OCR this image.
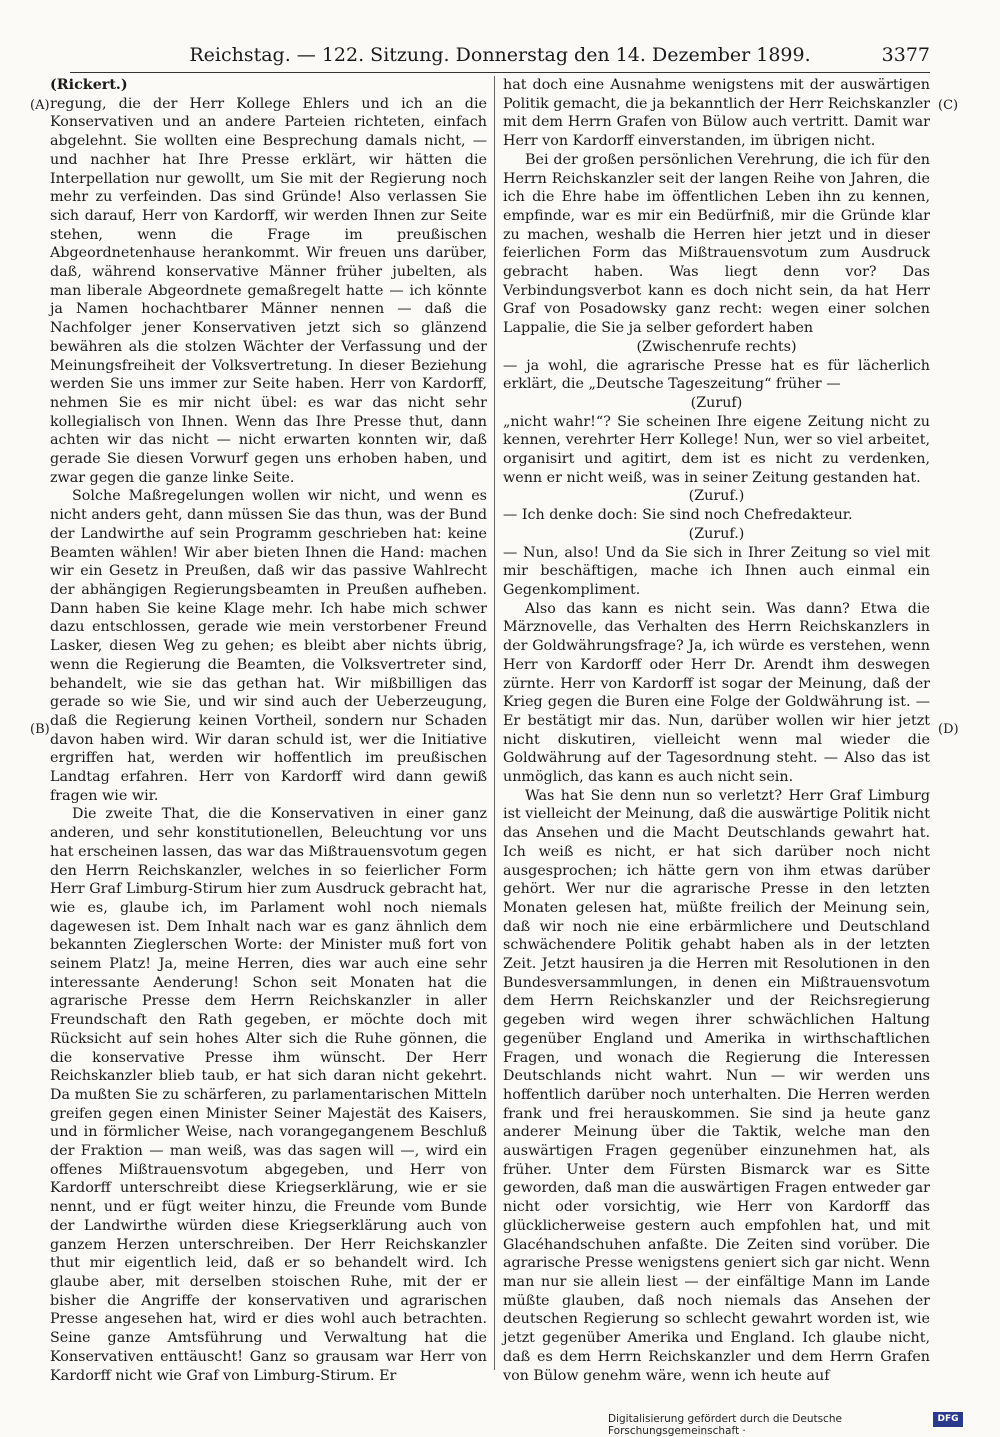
Reichstag. — 122. Sitzung. Donnerstag den 14. Dezember 1899.	3377
(A)
(B)
(C)
(D)

(Rickert.)

regung, die der Herr Kollege Ehlers und ich an die Konservativen und an andere Parteien richteten, einfach abgelehnt. Sie wollten eine Besprechung damals nicht, — und nachher hat Ihre Presse erklärt, wir hätten die Interpellation nur gewollt, um Sie mit der Regierung noch mehr zu verfeinden. Das sind Gründe! Also verlassen Sie sich darauf, Herr von Kardorff, wir werden Ihnen zur Seite stehen, wenn die Frage im preußischen Abgeordnetenhause herankommt. Wir freuen uns darüber, daß, während konservative Männer früher jubelten, als man liberale Abgeordnete gemaßregelt hatte — ich könnte ja Namen hochachtbarer Männer nennen — daß die Nachfolger jener Konservativen jetzt sich so glänzend bewähren als die stolzen Wächter der Verfassung und der Meinungsfreiheit der Volksvertretung. In dieser Beziehung werden Sie uns immer zur Seite haben. Herr von Kardorff, nehmen Sie es mir nicht übel: es war das nicht sehr kollegialisch von Ihnen. Wenn das Ihre Presse thut, dann achten wir das nicht — nicht erwarten konnten wir, daß gerade Sie diesen Vorwurf gegen uns erhoben haben, und zwar gegen die ganze linke Seite.

Solche Maßregelungen wollen wir nicht, und wenn es nicht anders geht, dann müssen Sie das thun, was der Bund der Landwirthe auf sein Programm geschrieben hat: keine Beamten wählen! Wir aber bieten Ihnen die Hand: machen wir ein Gesetz in Preußen, daß wir das passive Wahlrecht der abhängigen Regierungsbeamten in Preußen aufheben. Dann haben Sie keine Klage mehr. Ich habe mich schwer dazu entschlossen, gerade wie mein verstorbener Freund Lasker, diesen Weg zu gehen; es bleibt aber nichts übrig, wenn die Regierung die Beamten, die Volksvertreter sind, behandelt, wie sie das gethan hat. Wir mißbilligen das gerade so wie Sie, und wir sind auch der Ueberzeugung, daß die Regierung keinen Vortheil, sondern nur Schaden davon haben wird. Wir daran schuld ist, wer die Initiative ergriffen hat, werden wir hoffentlich im preußischen Landtag erfahren. Herr von Kardorff wird dann gewiß fragen wie wir.

Die zweite That, die die Konservativen in einer ganz anderen, und sehr konstitutionellen, Beleuchtung vor uns hat erscheinen lassen, das war das Mißtrauensvotum gegen den Herrn Reichskanzler, welches in so feierlicher Form Herr Graf Limburg-Stirum hier zum Ausdruck gebracht hat, wie es, glaube ich, im Parlament wohl noch niemals dagewesen ist. Dem Inhalt nach war es ganz ähnlich dem bekannten Zieglerschen Worte: der Minister muß fort von seinem Platz! Ja, meine Herren, dies war auch eine sehr interessante Aenderung! Schon seit Monaten hat die agrarische Presse dem Herrn Reichskanzler in aller Freundschaft den Rath gegeben, er möchte doch mit Rücksicht auf sein hohes Alter sich die Ruhe gönnen, die die konservative Presse ihm wünscht. Der Herr Reichskanzler blieb taub, er hat sich daran nicht gekehrt. Da mußten Sie zu schärferen, zu parlamentarischen Mitteln greifen gegen einen Minister Seiner Majestät des Kaisers, und in förmlicher Weise, nach vorangegangenem Beschluß der Fraktion — man weiß, was das sagen will —, wird ein offenes Mißtrauensvotum abgegeben, und Herr von Kardorff unterschreibt diese Kriegserklärung, wie er sie nennt, und er fügt weiter hinzu, die Freunde vom Bunde der Landwirthe würden diese Kriegserklärung auch von ganzem Herzen unterschreiben. Der Herr Reichskanzler thut mir eigentlich leid, daß er so behandelt wird. Ich glaube aber, mit derselben stoischen Ruhe, mit der er bisher die Angriffe der konservativen und agrarischen Presse angesehen hat, wird er dies wohl auch betrachten. Seine ganze Amtsführung und Verwaltung hat die Konservativen enttäuscht! Ganz so grausam war Herr von Kardorff nicht wie Graf von Limburg-Stirum. Er

hat doch eine Ausnahme wenigstens mit der auswärtigen Politik gemacht, die ja bekanntlich der Herr Reichskanzler mit dem Herrn Grafen von Bülow auch vertritt. Damit war Herr von Kardorff einverstanden, im übrigen nicht.

Bei der großen persönlichen Verehrung, die ich für den Herrn Reichskanzler seit der langen Reihe von Jahren, die ich die Ehre habe im öffentlichen Leben ihn zu kennen, empfinde, war es mir ein Bedürfniß, mir die Gründe klar zu machen, weshalb die Herren hier jetzt und in dieser feierlichen Form das Mißtrauensvotum zum Ausdruck gebracht haben. Was liegt denn vor? Das Verbindungsverbot kann es doch nicht sein, da hat Herr Graf von Posadowsky ganz recht: wegen einer solchen Lappalie, die Sie ja selber gefordert haben

(Zwischenrufe rechts)

— ja wohl, die agrarische Presse hat es für lächerlich erklärt, die „Deutsche Tageszeitung“ früher —

(Zuruf)

„nicht wahr!“? Sie scheinen Ihre eigene Zeitung nicht zu kennen, verehrter Herr Kollege! Nun, wer so viel arbeitet, organisirt und agitirt, dem ist es nicht zu verdenken, wenn er nicht weiß, was in seiner Zeitung gestanden hat.

(Zuruf.)

— Ich denke doch: Sie sind noch Chefredakteur.

(Zuruf.)

— Nun, also! Und da Sie sich in Ihrer Zeitung so viel mit mir beschäftigen, mache ich Ihnen auch einmal ein Gegenkompliment.

Also das kann es nicht sein. Was dann? Etwa die Märznovelle, das Verhalten des Herrn Reichskanzlers in der Goldwährungsfrage? Ja, ich würde es verstehen, wenn Herr von Kardorff oder Herr Dr. Arendt ihm deswegen zürnte. Herr von Kardorff ist sogar der Meinung, daß der Krieg gegen die Buren eine Folge der Goldwährung ist. — Er bestätigt mir das. Nun, darüber wollen wir hier jetzt nicht diskutiren, vielleicht wenn mal wieder die Goldwährung auf der Tagesordnung steht. — Also das ist unmöglich, das kann es auch nicht sein.

Was hat Sie denn nun so verletzt? Herr Graf Limburg ist vielleicht der Meinung, daß die auswärtige Politik nicht das Ansehen und die Macht Deutschlands gewahrt hat. Ich weiß es nicht, er hat sich darüber noch nicht ausgesprochen; ich hätte gern von ihm etwas darüber gehört. Wer nur die agrarische Presse in den letzten Monaten gelesen hat, müßte freilich der Meinung sein, daß wir noch nie eine erbärmlichere und Deutschland schwächendere Politik gehabt haben als in der letzten Zeit. Jetzt hausiren ja die Herren mit Resolutionen in den Bundesversammlungen, in denen ein Mißtrauensvotum dem Herrn Reichskanzler und der Reichsregierung gegeben wird wegen ihrer schwächlichen Haltung gegenüber England und Amerika in wirthschaftlichen Fragen, und wonach die Regierung die Interessen Deutschlands nicht wahrt. Nun — wir werden uns hoffentlich darüber noch unterhalten. Die Herren werden frank und frei herauskommen. Sie sind ja heute ganz anderer Meinung über die Taktik, welche man den auswärtigen Fragen gegenüber einzunehmen hat, als früher. Unter dem Fürsten Bismarck war es Sitte geworden, daß man die auswärtigen Fragen entweder gar nicht oder vorsichtig, wie Herr von Kardorff das glücklicherweise gestern auch empfohlen hat, und mit Glacéhandschuhen anfaßte. Die Zeiten sind vorüber. Die agrarische Presse wenigstens geniert sich gar nicht. Wenn man nur sie allein liest — der einfältige Mann im Lande müßte glauben, daß noch niemals das Ansehen der deutschen Regierung so schlecht gewahrt worden ist, wie jetzt gegenüber Amerika und England. Ich glaube nicht, daß es dem Herrn Reichskanzler und dem Herrn Grafen von Bülow genehm wäre, wenn ich heute auf

Digitalisierung gefördert durch die Deutsche Forschungsgemeinschaft ·
DFG
